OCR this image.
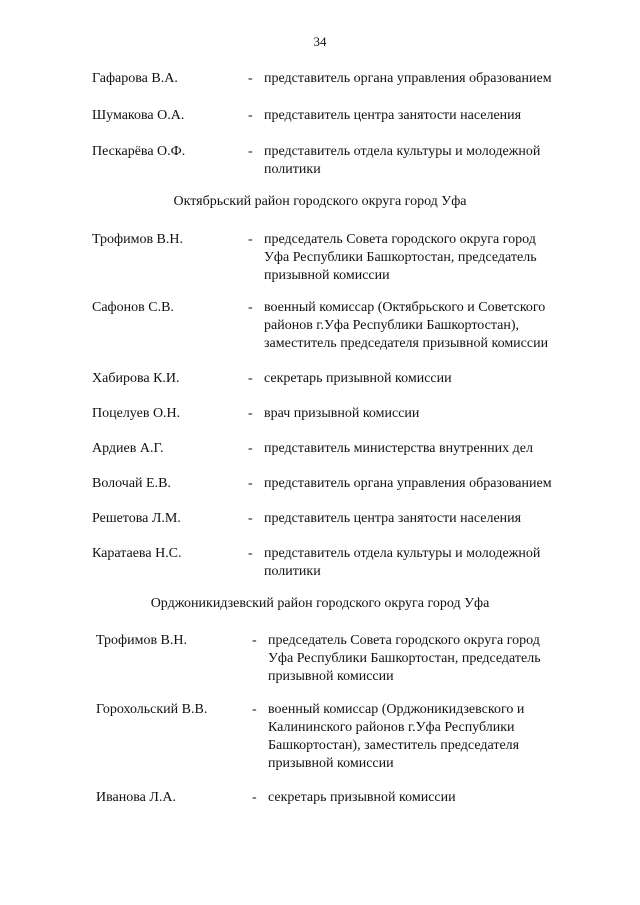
34
Гафарова В.А.	- представитель органа управления образованием
Шумакова О.А.	- представитель центра занятости населения
Пескарёва О.Ф.	- представитель отдела культуры и молодежной
политики
Октябрьский район городского округа город Уфа
Трофимов В.Н.	- председатель Совета городского округа город
Уфа Республики Башкортостан, председатель
призывной комиссии
Сафонов С.В.	- военный комиссар (Октябрьского и Советского
районов г.Уфа Республики Башкортостан),
заместитель председателя призывной комиссии
Хабирова К.И.	- секретарь призывной комиссии
Поцелуев О.Н.	- врач призывной комиссии
Ардиев А.Г.	- представитель министерства внутренних дел
Волочай Е.В.	- представитель органа управления образованием
Решетова Л.М.	- представитель центра занятости населения
Каратаева Н.С.	- представитель отдела культуры и молодежной
политики
Орджоникидзевский район городского округа город Уфа
Трофимов В.Н.	- председатель Совета городского округа город
Уфа Республики Башкортостан, председатель
призывной комиссии
Горохольский В.В.	- военный комиссар (Орджоникидзевского и
Калининского районов г.Уфа Республики
Башкортостан), заместитель председателя
призывной комиссии
Иванова Л.А.	- секретарь призывной комиссии
